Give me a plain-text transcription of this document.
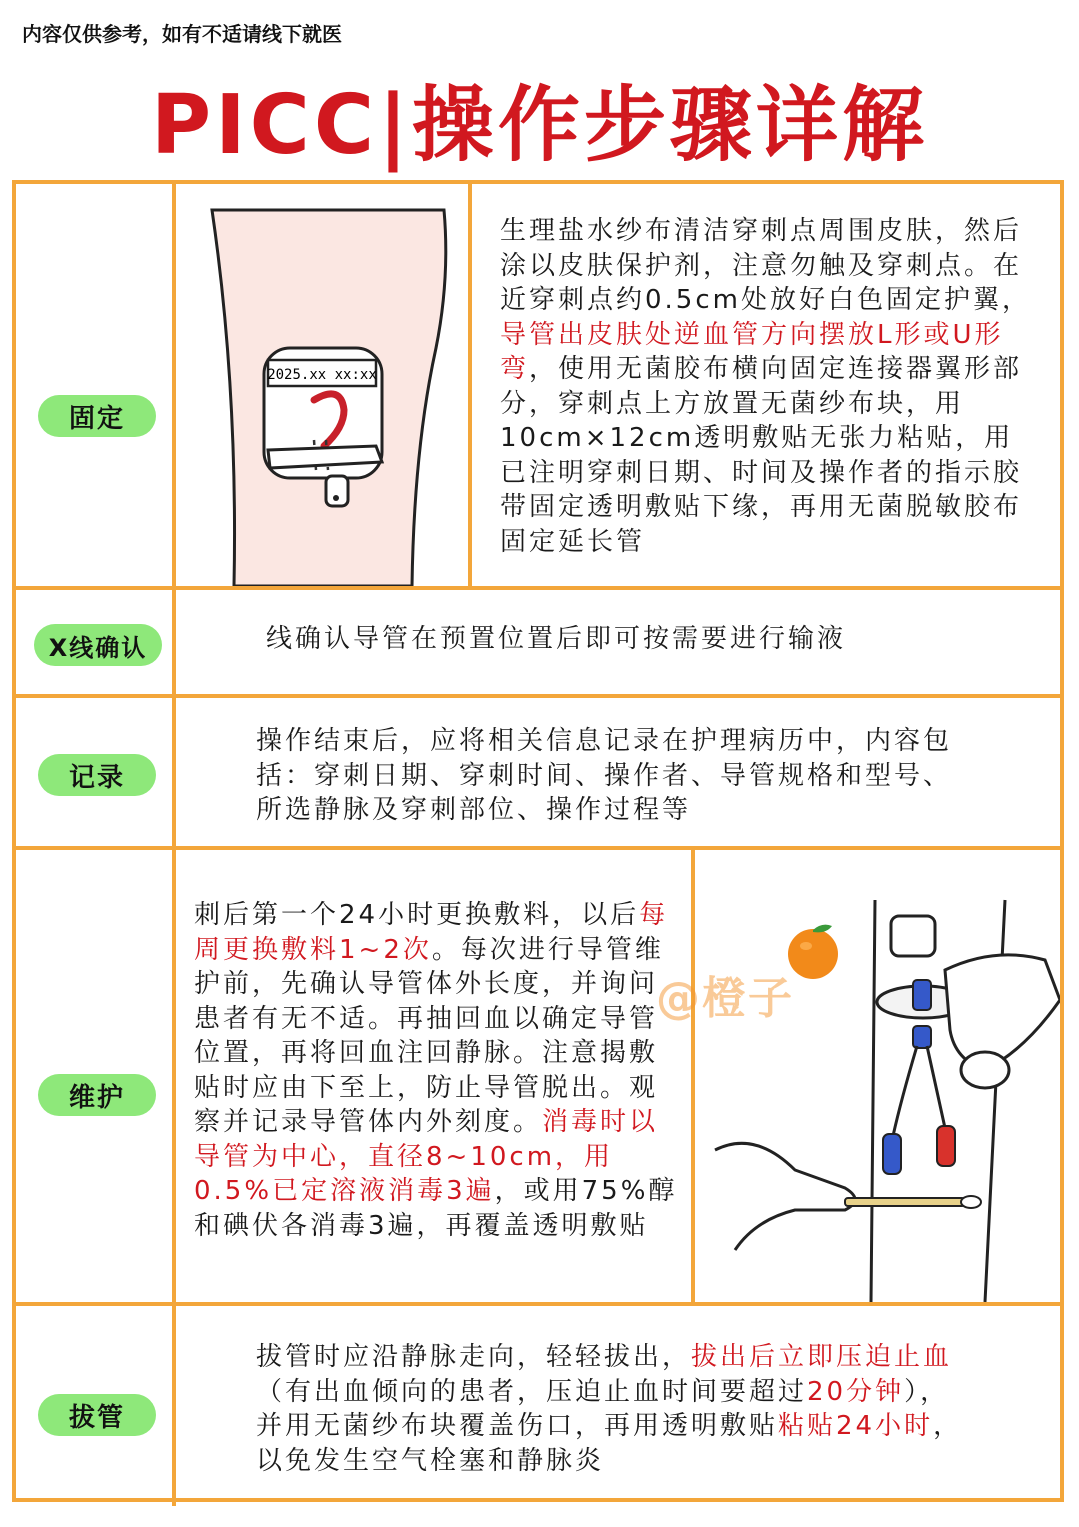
内容仅供参考，如有不适请线下就医
PICC|操作步骤详解
固定
2025.xx xx:xx
生理盐水纱布清洁穿刺点周围皮肤，然后涂以皮肤保护剂，注意勿触及穿刺点。在近穿刺点约0.5cm处放好白色固定护翼，导管出皮肤处逆血管方向摆放L形或U形弯，使用无菌胶布横向固定连接器翼形部分，穿刺点上方放置无菌纱布块，用10cm×12cm透明敷贴无张力粘贴，用已注明穿刺日期、时间及操作者的指示胶带固定透明敷贴下缘，再用无菌脱敏胶布固定延长管
X线确认	线确认导管在预置位置后即可按需要进行输液
记录
操作结束后，应将相关信息记录在护理病历中，内容包括：穿刺日期、穿刺时间、操作者、导管规格和型号、所选静脉及穿刺部位、操作过程等
维护
刺后第一个24小时更换敷料，以后每周更换敷料1~2次。每次进行导管维护前，先确认导管体外长度，并询问患者有无不适。再抽回血以确定导管位置，再将回血注回静脉。注意揭敷贴时应由下至上，防止导管脱出。观察并记录导管体内外刻度。消毒时以导管为中心，直径8~10cm，用0.5%已定溶液消毒3遍，或用75%醇和碘伏各消毒3遍，再覆盖透明敷贴
@橙子
拔管
拔管时应沿静脉走向，轻轻拔出，拔出后立即压迫止血（有出血倾向的患者，压迫止血时间要超过20分钟），并用无菌纱布块覆盖伤口，再用透明敷贴粘贴24小时，以免发生空气栓塞和静脉炎
